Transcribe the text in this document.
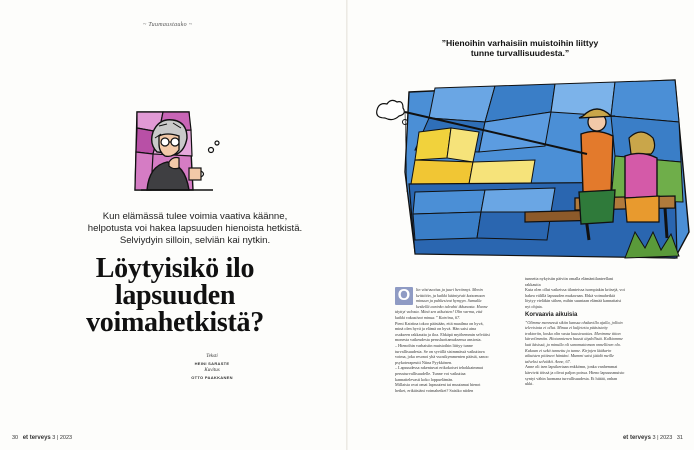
~ Tuumaustauko ~
Kun elämässä tulee voimia vaativa käänne, helpotusta voi hakea lapsuuden hienoista hetkistä. Selviydyin silloin, selviän kai nytkin.
Löytyisikö ilo lapsuuden voimahetkistä?
Teksti
HEINI SARASTE
Kuvitus
OTTO PAAKKANEN
30 et terveys 3 | 2023
”Hienoihin varhaisiin muistoihin liittyy tunne turvallisuudesta.”

O	lin viisivuotias ja juuri herännyt. Menin keittiöön, ja kaikki kääntyivät katsomaan minuun ja puhkesivat hymyyn. Samalla keskellä aurinko tulvahti ikkunasta. Huone täyttyi valosta. Minä sen aikuisten! Olin varma, että kaikki rakastivat minua.” Katriina, 67.

Pieni Katriina tokoo päästään, että maailma on hyvä, minä olen hyvä ja elämä on hyvä. Hän saisi aina osakseen rakkautta ja iloa. Ehkäpä myöhemmin selviäisi monesta vaikeudesta perusluottamuksensa ansiosta.

– Hienoihin varhaisiin muistoihin liittyy tunne turvallisuudesta. Se on syvällä sisimmässä vaikuttava voima, joka resonoi yhä vuosikymmenten päästä, sanoo psykoterapeutti Niina Pyykkönen.

– Lapsuudessa rakentuvat erikokoiset tehokkaimmat perusturvallisuudelle. Tunne voi vaikuttaa kannattelevasti koko loppuelämän.

Millaisia ovat omat lapsuuteni tai muutamat hienot hetket, erikäisiäni voimahetket? Saisiko niiden

tunnetta nykyisiin päiviin omalla elämäntilanteellani rakkautta

Kuta olen ollut vaikeissa tilanteissa isompiakin kriisejä, voi hakea välillä lapsuuden mukavaan. Ehkä voimahetkiä löytyy vieläkin siihen, mihin suuntaan elämää kannattaisi nyt ohjata.

Korvaavia aikuisia

”Olimme mennessä sikiin kanssa ohskavilla ajalla, jolloin televisiota ei ollut. Minua ei kuljetettu pääsistetty traktoriin, koska olin vasta kuusivuotias. Menimme tiiton kärvelimmiin. Hiotunnienen huusti täydellistä. Kulkiomme kuti käsissä, ja minulla oli sanomattoman onnellinen olo. Kukaan ei sekä tunnettu ja tunne. Kirjojen lääkarin aikuisten pitäneet häntäni. Mummi saisi jäädä meille talveksi selviäkii. Anne, 67.

Anne oli isen lapsikertaan enkkömn, jonka vanhemmat kärvivät töissä ja olivat paljon poissa. Hieno lapsuusmuisto syntyi vähin luomana turvallisuudesta. Et hiitää, onhan ukki.

et terveys 3 | 2023 31
